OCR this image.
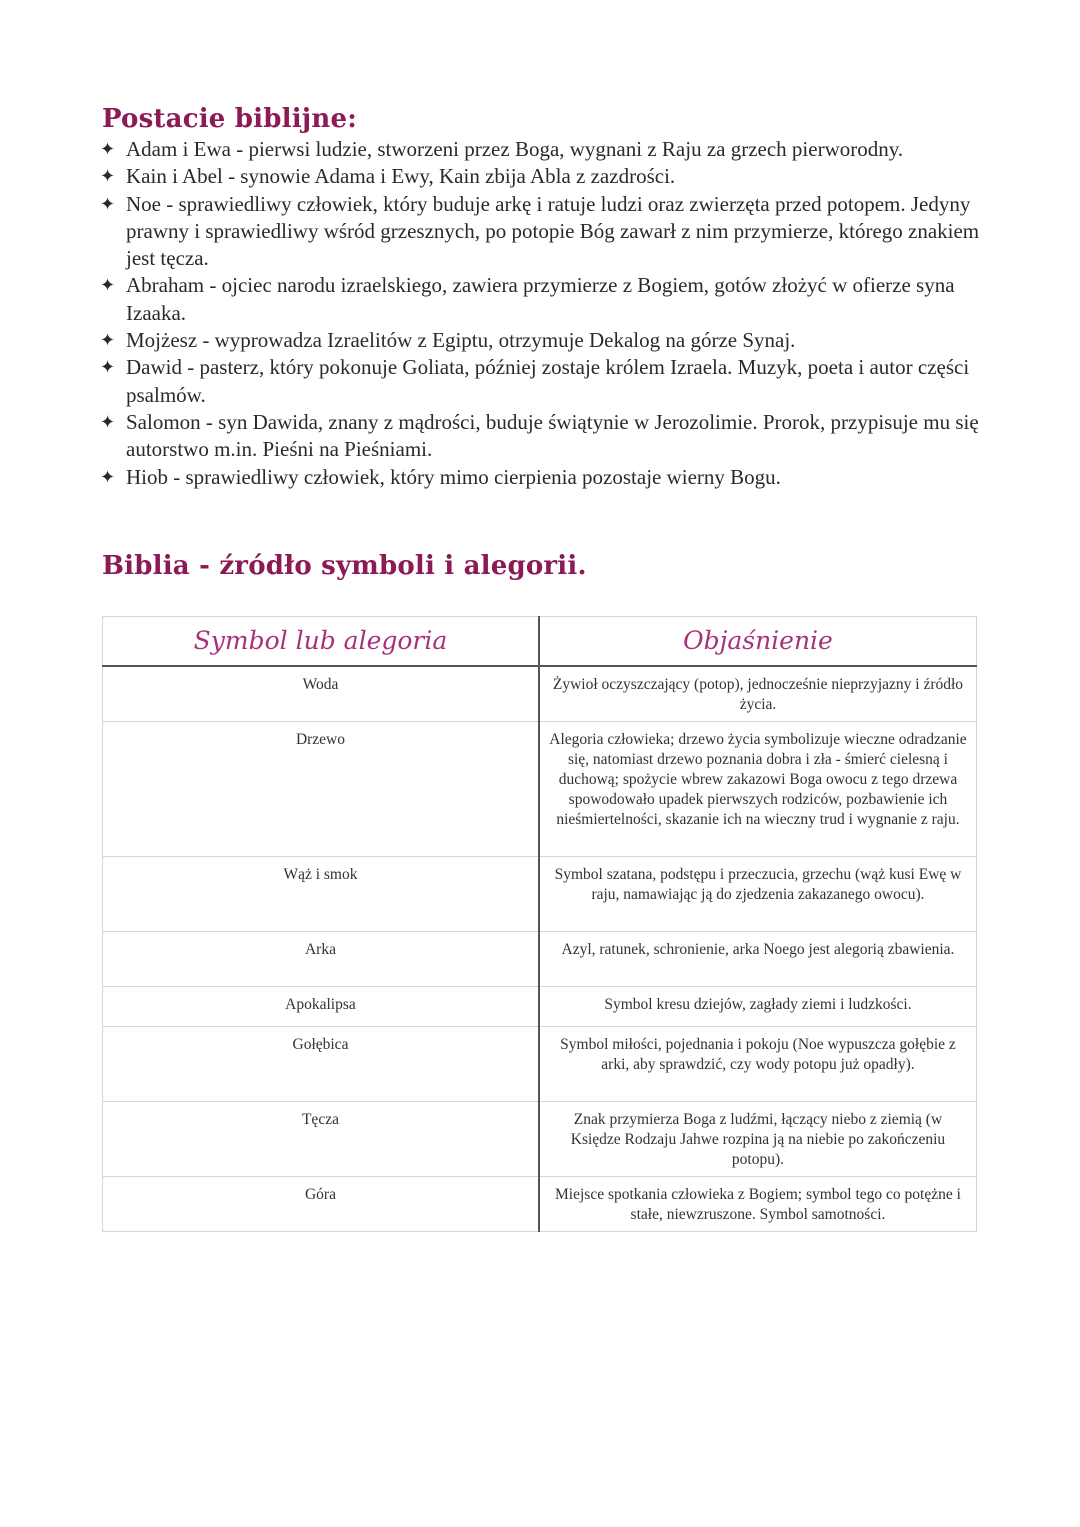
Postacie biblijne:
✦ Adam i Ewa - pierwsi ludzie, stworzeni przez Boga, wygnani z Raju za grzech pierworodny.
✦ Kain i Abel - synowie Adama i Ewy, Kain zbija Abla z zazdrości.
✦ Noe - sprawiedliwy człowiek, który buduje arkę i ratuje ludzi oraz zwierzęta przed potopem. Jedyny prawny i sprawiedliwy wśród grzesznych, po potopie Bóg zawarł z nim przymierze, którego znakiem jest tęcza.
✦ Abraham - ojciec narodu izraelskiego, zawiera przymierze z Bogiem, gotów złożyć w ofierze syna Izaaka.
✦ Mojżesz - wyprowadza Izraelitów z Egiptu, otrzymuje Dekalog na górze Synaj.
✦ Dawid - pasterz, który pokonuje Goliata, później zostaje królem Izraela. Muzyk, poeta i autor części psalmów.
✦ Salomon - syn Dawida, znany z mądrości, buduje świątynie w Jerozolimie. Prorok, przypisuje mu się autorstwo m.in. Pieśni na Pieśniami.
✦ Hiob - sprawiedliwy człowiek, który mimo cierpienia pozostaje wierny Bogu.
Biblia - źródło symboli i alegorii.
Symbol lub alegoria	Objaśnienie
Woda	Żywioł oczyszczający (potop), jednocześnie nieprzyjazny i źródło życia.
Drzewo	Alegoria człowieka; drzewo życia symbolizuje wieczne odradzanie się, natomiast drzewo poznania dobra i zła - śmierć cielesną i duchową; spożycie wbrew zakazowi Boga owocu z tego drzewa spowodowało upadek pierwszych rodziców, pozbawienie ich nieśmiertelności, skazanie ich na wieczny trud i wygnanie z raju.
Wąż i smok	Symbol szatana, podstępu i przeczucia, grzechu (wąż kusi Ewę w raju, namawiając ją do zjedzenia zakazanego owocu).
Arka	Azyl, ratunek, schronienie, arka Noego jest alegorią zbawienia.
Apokalipsa	Symbol kresu dziejów, zagłady ziemi i ludzkości.
Gołębica	Symbol miłości, pojednania i pokoju (Noe wypuszcza gołębie z arki, aby sprawdzić, czy wody potopu już opadły).
Tęcza	Znak przymierza Boga z ludźmi, łączący niebo z ziemią (w Księdze Rodzaju Jahwe rozpina ją na niebie po zakończeniu potopu).
Góra	Miejsce spotkania człowieka z Bogiem; symbol tego co potężne i stałe, niewzruszone. Symbol samotności.
